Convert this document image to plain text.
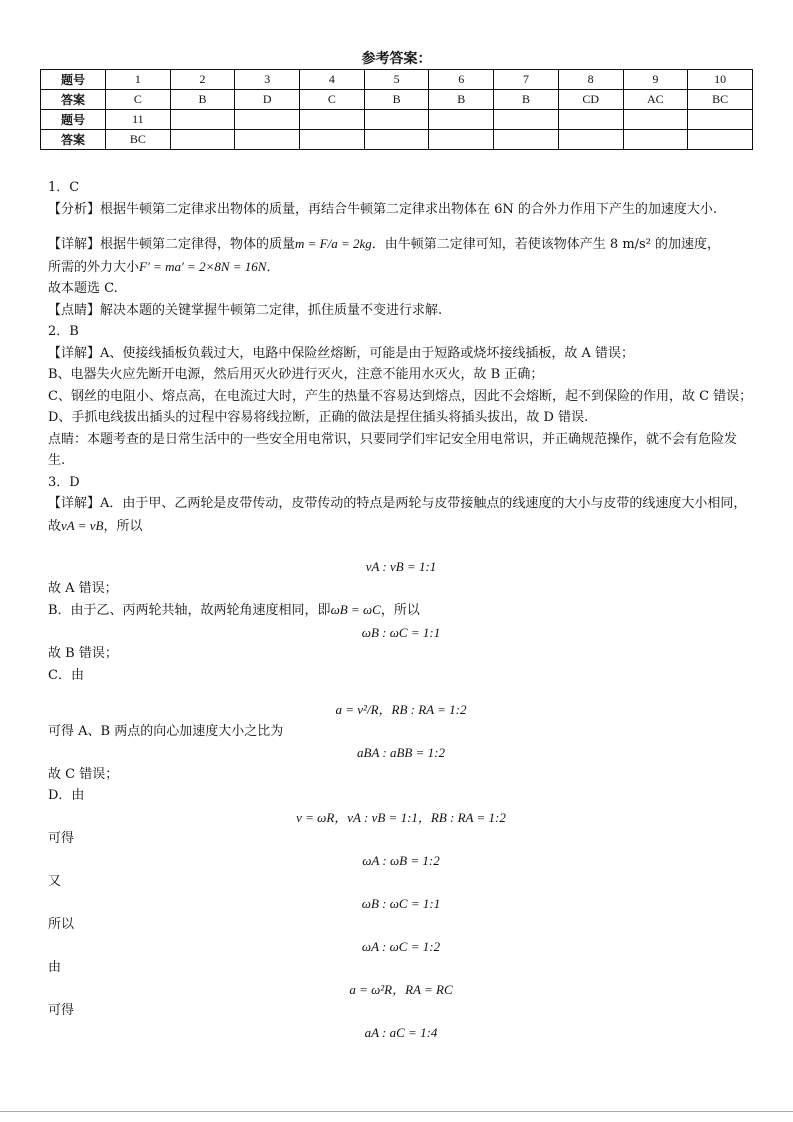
参考答案：
题号	1	2	3	4	5	6	7	8	9	10
答案	C	B	D	C	B	B	B	CD	AC	BC
题号	11									
答案	BC									

1．C

【分析】根据牛顿第二定律求出物体的质量，再结合牛顿第二定律求出物体在 6N 的合外力作用下产生的加速度大小.

【详解】根据牛顿第二定律得，物体的质量m = F/a = 2kg．由牛顿第二定律可知，若使该物体产生 8 m/s² 的加速度，

所需的外力大小F′ = ma′ = 2×8N = 16N．

故本题选 C.

【点睛】解决本题的关键掌握牛顿第二定律，抓住质量不变进行求解.

2．B

【详解】A、使接线插板负载过大，电路中保险丝熔断，可能是由于短路或烧坏接线插板，故 A 错误；

B、电器失火应先断开电源，然后用灭火砂进行灭火，注意不能用水灭火，故 B 正确；

C、钢丝的电阻小、熔点高，在电流过大时，产生的热量不容易达到熔点，因此不会熔断，起不到保险的作用，故 C 错误；

D、手抓电线拔出插头的过程中容易将线拉断，正确的做法是捏住插头将插头拔出，故 D 错误.

点睛：本题考查的是日常生活中的一些安全用电常识，只要同学们牢记安全用电常识，并正确规范操作，就不会有危险发生.

3．D

【详解】A．由于甲、乙两轮是皮带传动，皮带传动的特点是两轮与皮带接触点的线速度的大小与皮带的线速度大小相同，　故vA = vB，所以

vA : vB = 1:1

故 A 错误；

B．由于乙、丙两轮共轴，故两轮角速度相同，即ωB = ωC，所以

ωB : ωC = 1:1

故 B 错误；

C．由

a = v²/R，RB : RA = 1:2

可得 A、B 两点的向心加速度大小之比为

aBA : aBB = 1:2

故 C 错误；

D．由

v = ωR，vA : vB = 1:1，RB : RA = 1:2

可得

ωA : ωB = 1:2

又

ωB : ωC = 1:1

所以

ωA : ωC = 1:2

由

a = ω²R，RA = RC

可得

aA : aC = 1:4
